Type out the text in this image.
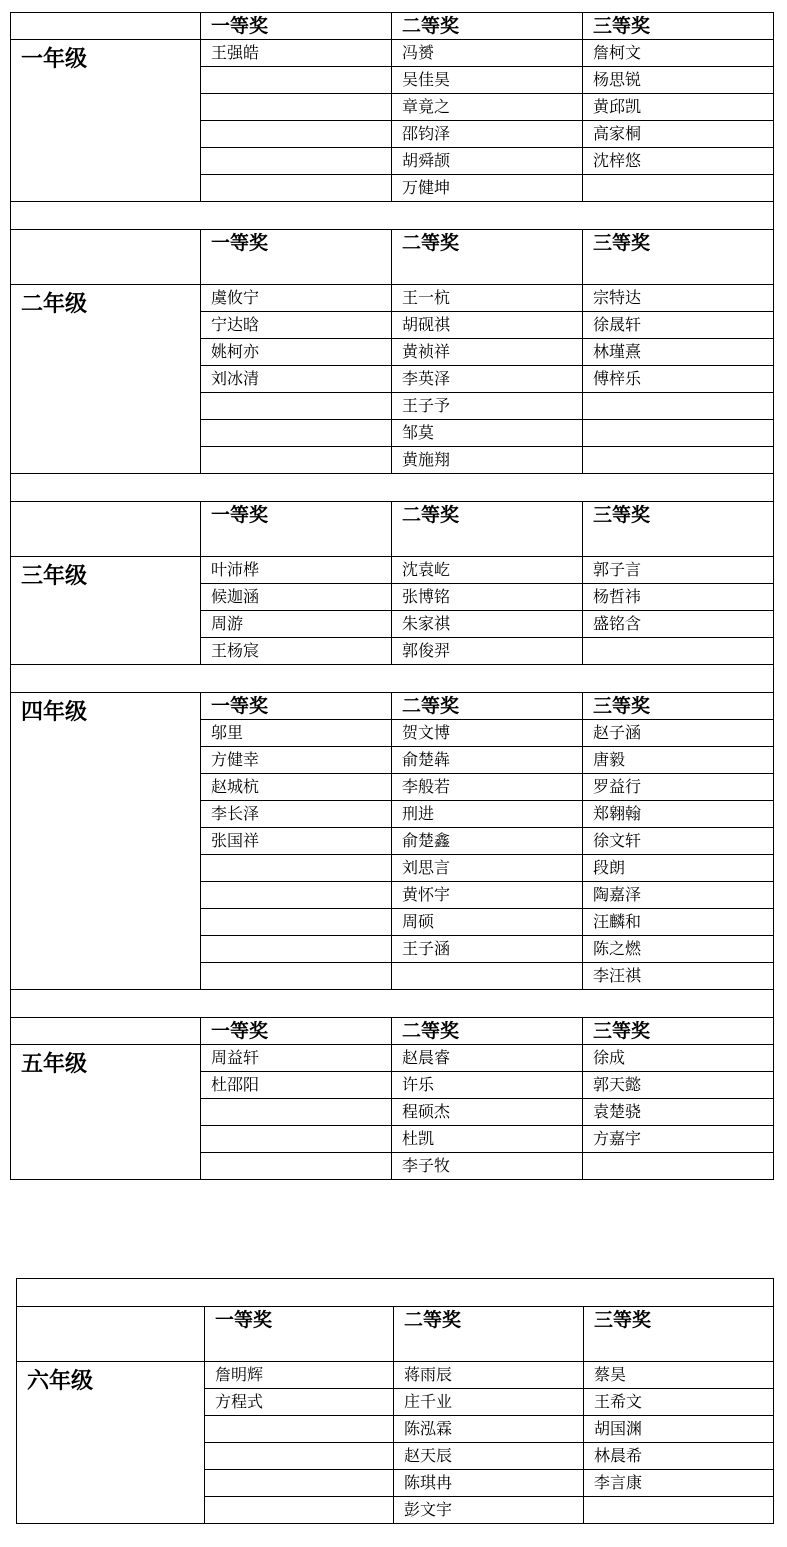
	一等奖	二等奖	三等奖
一年级	王强皓	冯赟	詹柯文
		吴佳昊	杨思锐
		章竟之	黄邱凯
		邵钧泽	高家桐
		胡舜颉	沈梓悠
		万健坤	

	一等奖	二等奖	三等奖
二年级	虞攸宁	王一杭	宗特达
	宁达晗	胡砚祺	徐晟轩
	姚柯亦	黄祯祥	林瑾熹
	刘冰清	李英泽	傅梓乐
		王子予	
		邹莫	
		黄施翔	

	一等奖	二等奖	三等奖
三年级	叶沛桦	沈袁屹	郭子言
	候迦涵	张博铭	杨哲祎
	周游	朱家祺	盛铭含
	王杨宸	郭俊羿	

四年级	一等奖	二等奖	三等奖
	邬里	贺文博	赵子涵
	方健幸	俞楚犇	唐毅
	赵城杭	李般若	罗益行
	李长泽	刑进	郑翱翰
	张国祥	俞楚鑫	徐文轩
		刘思言	段朗
		黄怀宇	陶嘉泽
		周硕	汪麟和
		王子涵	陈之燃
			李汪祺

	一等奖	二等奖	三等奖
五年级	周益轩	赵晨睿	徐成
	杜邵阳	许乐	郭天懿
		程硕杰	袁楚骁
		杜凯	方嘉宇
		李子牧	

	一等奖	二等奖	三等奖
六年级	詹明辉	蒋雨辰	蔡昊
	方程式	庄千业	王希文
		陈泓霖	胡国渊
		赵天辰	林晨希
		陈琪冉	李言康
		彭文宇	
